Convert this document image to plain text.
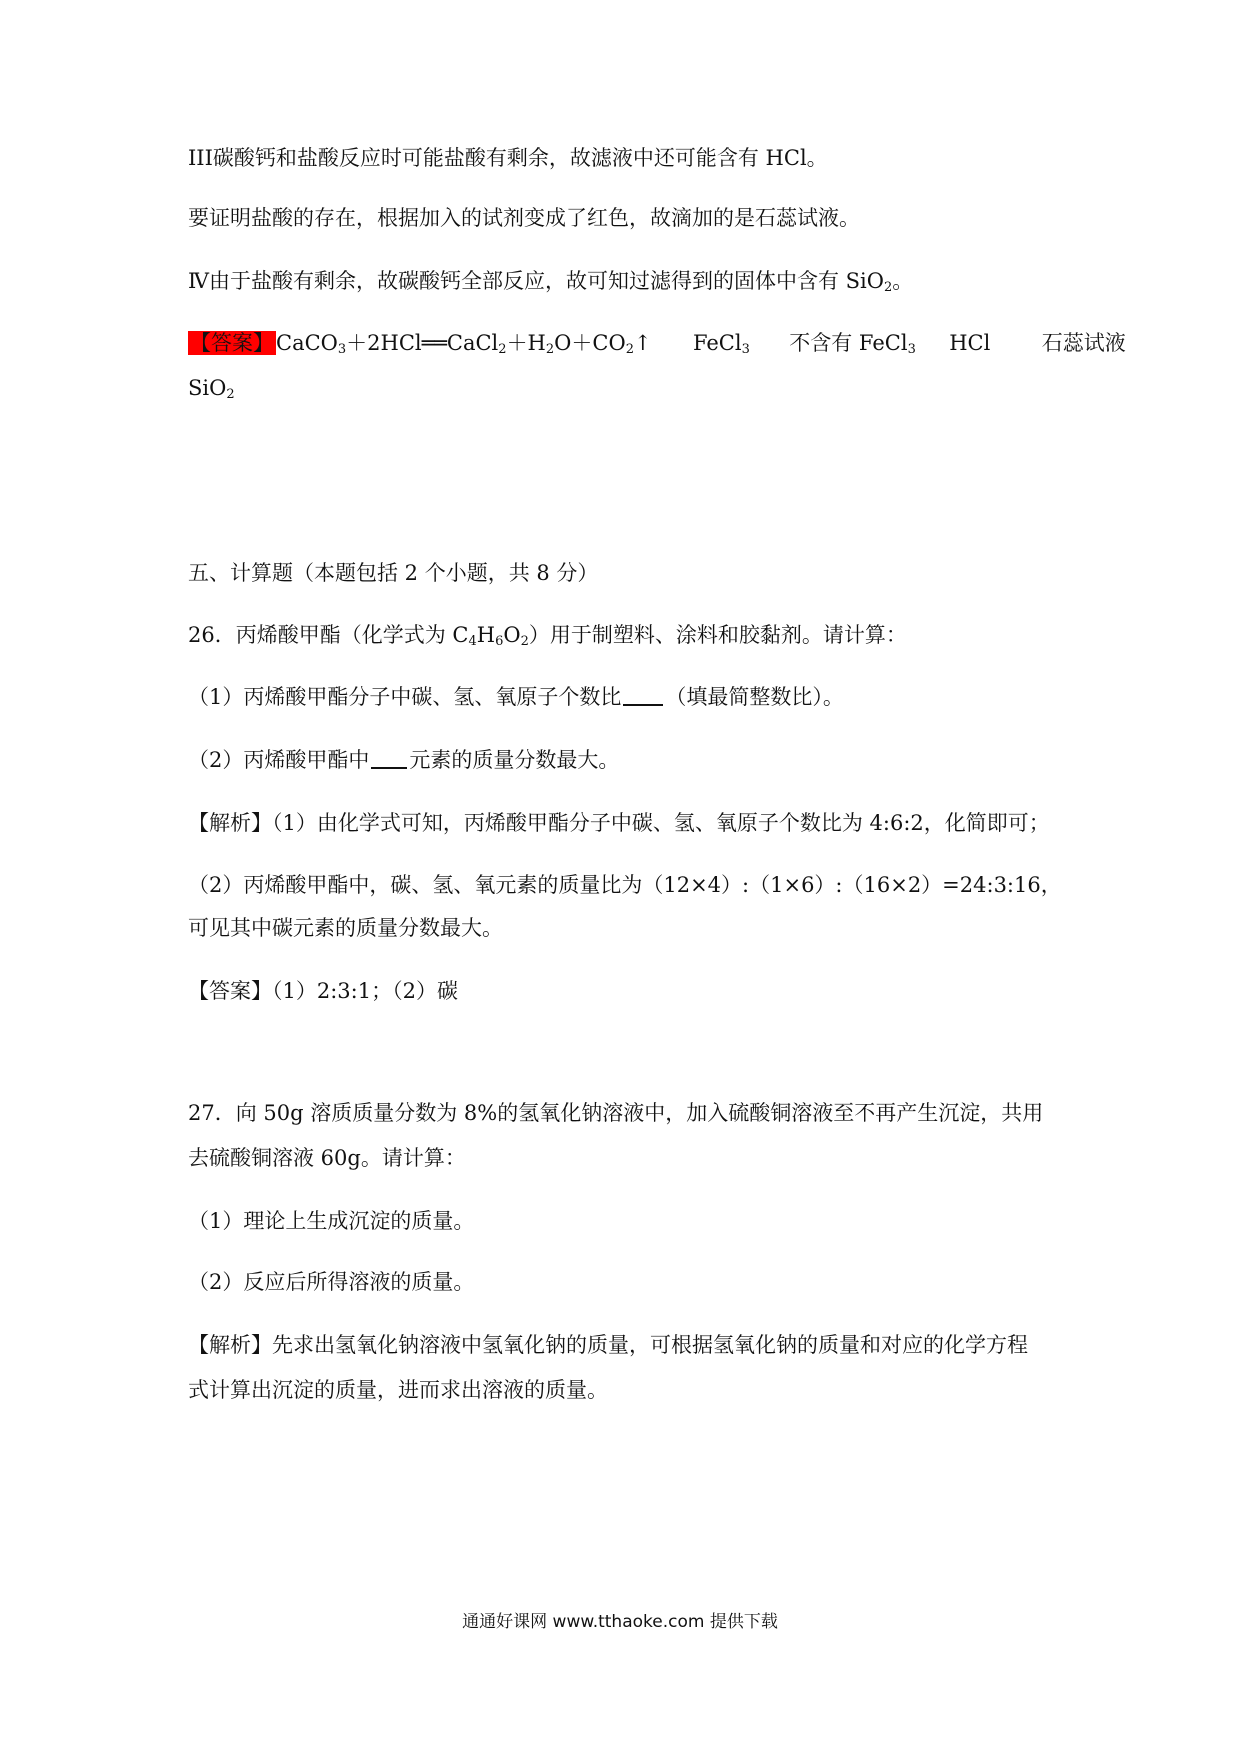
III碳酸钙和盐酸反应时可能盐酸有剩余，故滤液中还可能含有 HCl。
要证明盐酸的存在，根据加入的试剂变成了红色，故滴加的是石蕊试液。
Ⅳ由于盐酸有剩余，故碳酸钙全部反应，故可知过滤得到的固体中含有 SiO$_2$。
【答案】$CaCO_3+2HCl══CaCl_2+H_2O+CO_2↑$ FeCl$_3$ 不含有 FeCl$_3$ HCl 石蕊试液
SiO$_2$
五、计算题（本题包括 2 个小题，共 8 分）
26．丙烯酸甲酯（化学式为 $C_4H_6O_2$）用于制塑料、涂料和胶黏剂。请计算：
（1）丙烯酸甲酯分子中碳、氢、氧原子个数比 （填最简整数比）。
（2）丙烯酸甲酯中 元素的质量分数最大。
【解析】（1）由化学式可知，丙烯酸甲酯分子中碳、氢、氧原子个数比为 4:6:2，化简即可；
（2）丙烯酸甲酯中，碳、氢、氧元素的质量比为（12×4）:（1×6）:（16×2）=24:3:16，
可见其中碳元素的质量分数最大。
【答案】（1）2:3:1；（2）碳
27．向 50g 溶质质量分数为 8%的氢氧化钠溶液中，加入硫酸铜溶液至不再产生沉淀，共用
去硫酸铜溶液 60g。请计算：
（1）理论上生成沉淀的质量。
（2）反应后所得溶液的质量。
【解析】先求出氢氧化钠溶液中氢氧化钠的质量，可根据氢氧化钠的质量和对应的化学方程
式计算出沉淀的质量，进而求出溶液的质量。
通通好课网 www.tthaoke.com 提供下载
